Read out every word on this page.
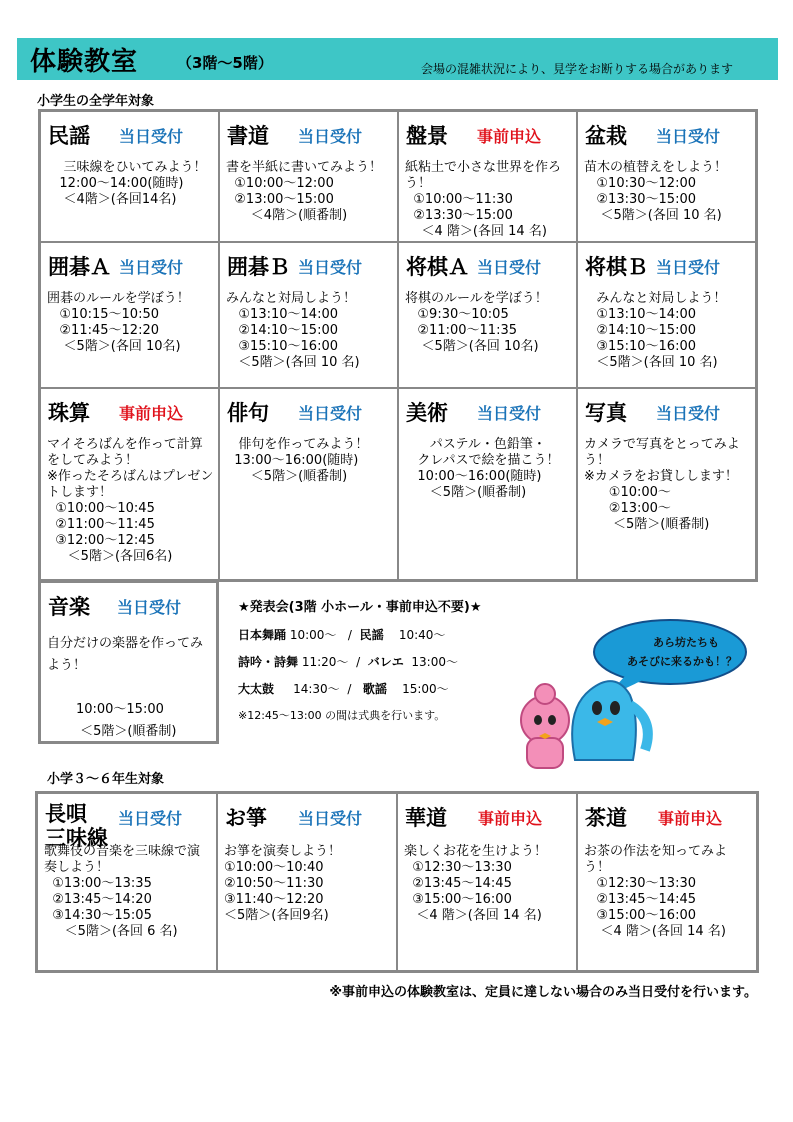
体験教室	（3階～5階）	会場の混雑状況により、見学をお断りする場合があります
小学生の全学年対象
民謡 当日受付
三味線をひいてみよう！
12:00～14:00(随時)
＜4階＞(各回14名)
書道 当日受付
書を半紙に書いてみよう！
①10:00～12:00
②13:00～15:00
＜4階＞(順番制)
盤景 事前申込
紙粘土で小さな世界を作ろう！
①10:00～11:30
②13:30～15:00
＜4 階＞(各回 14 名)
盆栽 当日受付
苗木の植替えをしよう！
①10:30～12:00
②13:30～15:00
＜5階＞(各回 10 名)
囲碁Ａ 当日受付
囲碁のルールを学ぼう！
①10:15～10:50
②11:45～12:20
＜5階＞(各回 10名)
囲碁Ｂ 当日受付
みんなと対局しよう！
①13:10～14:00
②14:10～15:00
③15:10～16:00
＜5階＞(各回 10 名)
将棋Ａ 当日受付
将棋のルールを学ぼう！
①9:30～10:05
②11:00～11:35
＜5階＞(各回 10名)
将棋Ｂ 当日受付
みんなと対局しよう！
①13:10～14:00
②14:10～15:00
③15:10～16:00
＜5階＞(各回 10 名)
珠算 事前申込
マイそろばんを作って計算をしてみよう！
※作ったそろばんはプレゼントします！
①10:00～10:45
②11:00～11:45
③12:00～12:45
＜5階＞(各回6名)
俳句 当日受付
俳句を作ってみよう！
13:00～16:00(随時)
＜5階＞(順番制)
美術 当日受付
パステル・色鉛筆・
クレパスで絵を描こう！
10:00～16:00(随時)
＜5階＞(順番制)
写真 当日受付
カメラで写真をとってみよう！
※カメラをお貸しします！
①10:00～
②13:00～
＜5階＞(順番制)
音楽 当日受付
自分だけの楽器を作ってみよう！

10:00～15:00
＜5階＞(順番制)
★発表会(3階 小ホール・事前申込不要)★
日本舞踊 10:00～   /  民謡 10:40～
詩吟・詩舞 11:20～  /  バレエ 13:00～
大太鼓 14:30～  /   歌謡 15:00～
※12:45～13:00 の間は式典を行います。
あら坊たちも
あそびに来るかも！？
小学３～６年生対象
長唄
三味線
当日受付
歌舞伎の音楽を三味線で演奏しよう！
①13:00～13:35
②13:45～14:20
③14:30～15:05
＜5階＞(各回 6 名)
お箏 当日受付
お箏を演奏しよう！
①10:00～10:40
②10:50～11:30
③11:40～12:20
＜5階＞(各回9名)
華道 事前申込
楽しくお花を生けよう！
①12:30～13:30
②13:45～14:45
③15:00～16:00
＜4 階＞(各回 14 名)
茶道 事前申込
お茶の作法を知ってみよう！
①12:30～13:30
②13:45～14:45
③15:00～16:00
＜4 階＞(各回 14 名)
※事前申込の体験教室は、定員に達しない場合のみ当日受付を行います。
